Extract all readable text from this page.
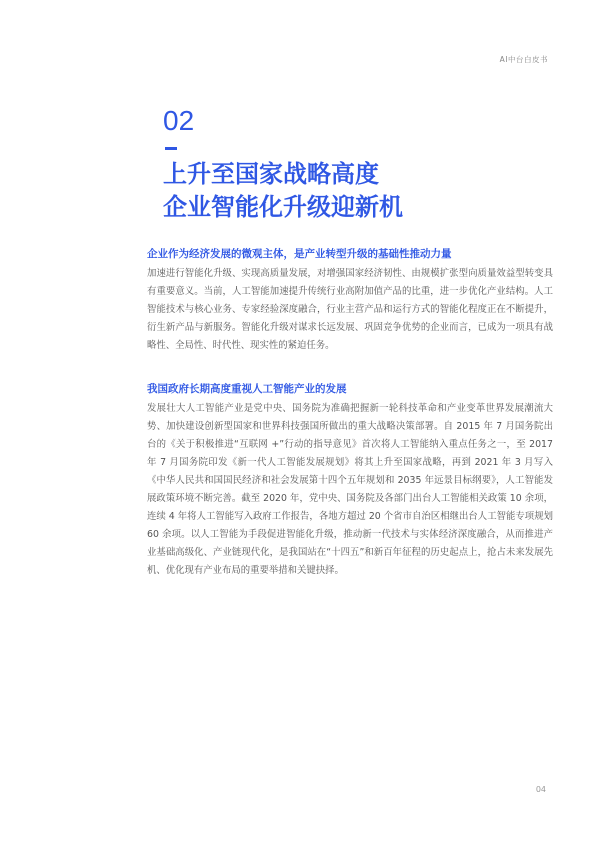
AI中台白皮书
02
上升至国家战略高度
企业智能化升级迎新机
企业作为经济发展的微观主体，是产业转型升级的基础性推动力量

加速进行智能化升级、实现高质量发展，对增强国家经济韧性、由规模扩张型向质量效益型转变具有重要意义。当前，人工智能加速提升传统行业高附加值产品的比重，进一步优化产业结构。人工智能技术与核心业务、专家经验深度融合，行业主营产品和运行方式的智能化程度正在不断提升，衍生新产品与新服务。智能化升级对谋求长远发展、巩固竞争优势的企业而言，已成为一项具有战略性、全局性、时代性、现实性的紧迫任务。

我国政府长期高度重视人工智能产业的发展

发展壮大人工智能产业是党中央、国务院为准确把握新一轮科技革命和产业变革世界发展潮流大势、加快建设创新型国家和世界科技强国所做出的重大战略决策部署。自 2015 年 7 月国务院出台的《关于积极推进“互联网 +”行动的指导意见》首次将人工智能纳入重点任务之一，至 2017 年 7 月国务院印发《新一代人工智能发展规划》将其上升至国家战略，再到 2021 年 3 月写入《中华人民共和国国民经济和社会发展第十四个五年规划和 2035 年远景目标纲要》，人工智能发展政策环境不断完善。截至 2020 年，党中央、国务院及各部门出台人工智能相关政策 10 余项，连续 4 年将人工智能写入政府工作报告，各地方超过 20 个省市自治区相继出台人工智能专项规划 60 余项。以人工智能为手段促进智能化升级，推动新一代技术与实体经济深度融合，从而推进产业基础高级化、产业链现代化，是我国站在“十四五”和新百年征程的历史起点上，抢占未来发展先机、优化现有产业布局的重要举措和关键抉择。

04
